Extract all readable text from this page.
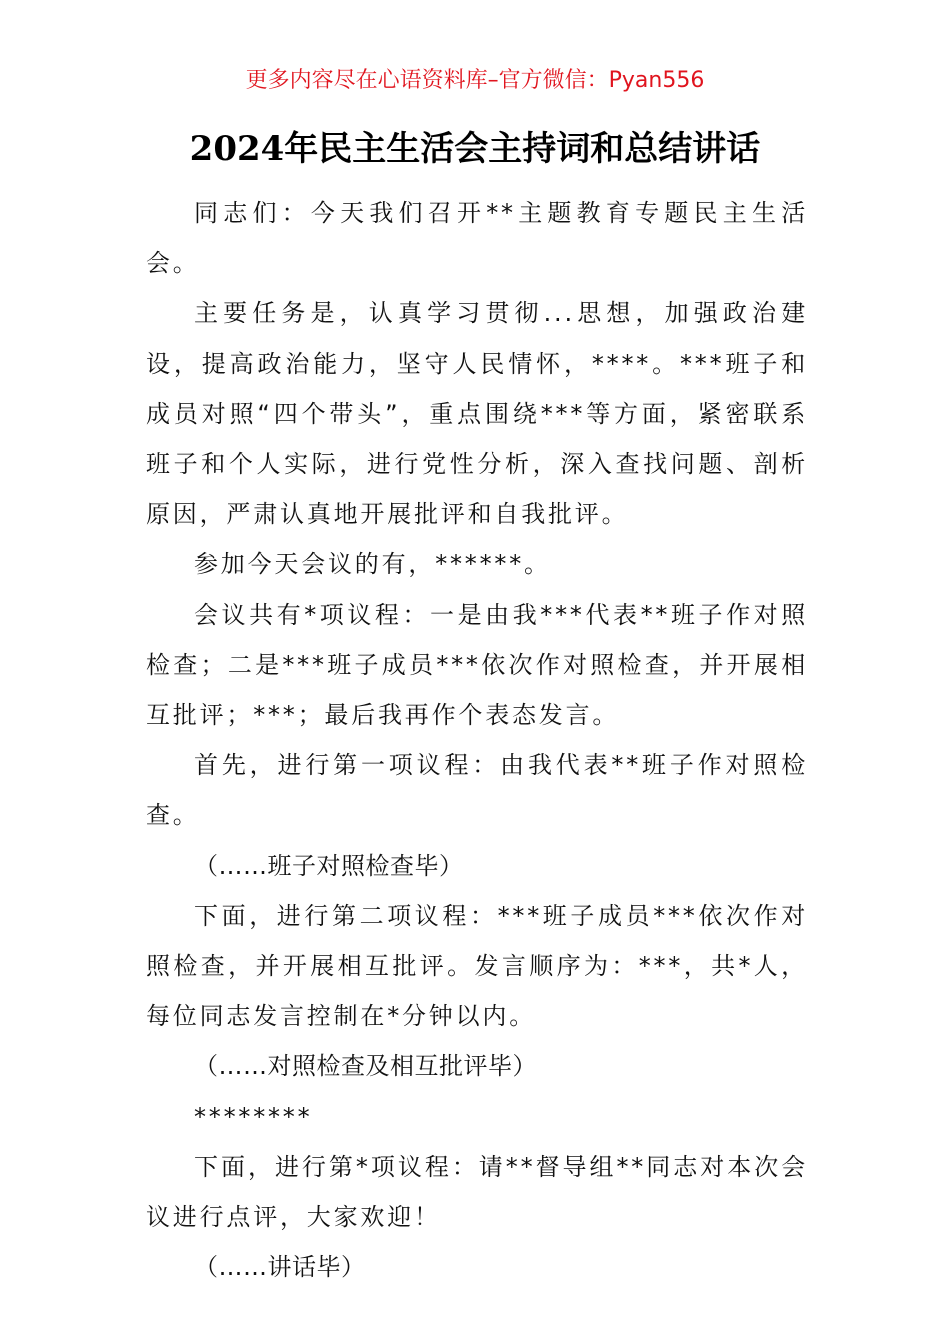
更多内容尽在心语资料库–官方微信：Pyan556
2024年民主生活会主持词和总结讲话

同志们：今天我们召开**主题教育专题民主生活会。

主要任务是，认真学习贯彻...思想，加强政治建设，提高政治能力，坚守人民情怀，****。***班子和成员对照“四个带头”，重点围绕***等方面，紧密联系班子和个人实际，进行党性分析，深入查找问题、剖析原因，严肃认真地开展批评和自我批评。

参加今天会议的有，******。

会议共有*项议程：一是由我***代表**班子作对照检查；二是***班子成员***依次作对照检查，并开展相互批评；***；最后我再作个表态发言。

首先，进行第一项议程：由我代表**班子作对照检查。

（……班子对照检查毕）

下面，进行第二项议程：***班子成员***依次作对照检查，并开展相互批评。发言顺序为：***，共*人，每位同志发言控制在*分钟以内。

（……对照检查及相互批评毕）

********

下面，进行第*项议程：请**督导组**同志对本次会议进行点评，大家欢迎！

（……讲话毕）
